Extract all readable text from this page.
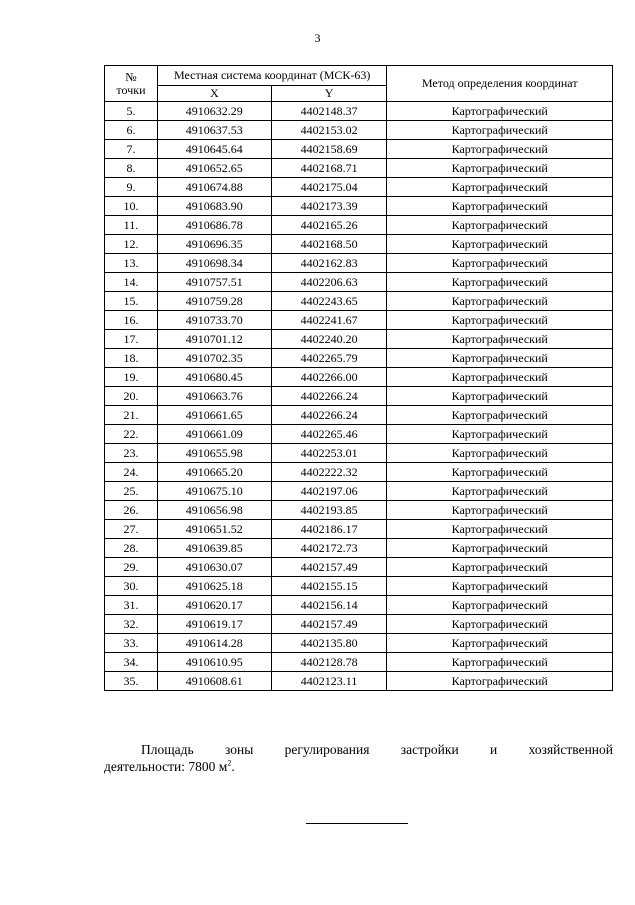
3
№
точки	Местная система координат (МСК-63)		Метод определения координат
	X	Y	
5.	4910632.29	4402148.37	Картографический
6.	4910637.53	4402153.02	Картографический
7.	4910645.64	4402158.69	Картографический
8.	4910652.65	4402168.71	Картографический
9.	4910674.88	4402175.04	Картографический
10.	4910683.90	4402173.39	Картографический
11.	4910686.78	4402165.26	Картографический
12.	4910696.35	4402168.50	Картографический
13.	4910698.34	4402162.83	Картографический
14.	4910757.51	4402206.63	Картографический
15.	4910759.28	4402243.65	Картографический
16.	4910733.70	4402241.67	Картографический
17.	4910701.12	4402240.20	Картографический
18.	4910702.35	4402265.79	Картографический
19.	4910680.45	4402266.00	Картографический
20.	4910663.76	4402266.24	Картографический
21.	4910661.65	4402266.24	Картографический
22.	4910661.09	4402265.46	Картографический
23.	4910655.98	4402253.01	Картографический
24.	4910665.20	4402222.32	Картографический
25.	4910675.10	4402197.06	Картографический
26.	4910656.98	4402193.85	Картографический
27.	4910651.52	4402186.17	Картографический
28.	4910639.85	4402172.73	Картографический
29.	4910630.07	4402157.49	Картографический
30.	4910625.18	4402155.15	Картографический
31.	4910620.17	4402156.14	Картографический
32.	4910619.17	4402157.49	Картографический
33.	4910614.28	4402135.80	Картографический
34.	4910610.95	4402128.78	Картографический
35.	4910608.61	4402123.11	Картографический
Площадь зоны регулирования застройки и хозяйственной
деятельности: 7800 $м^2$.
